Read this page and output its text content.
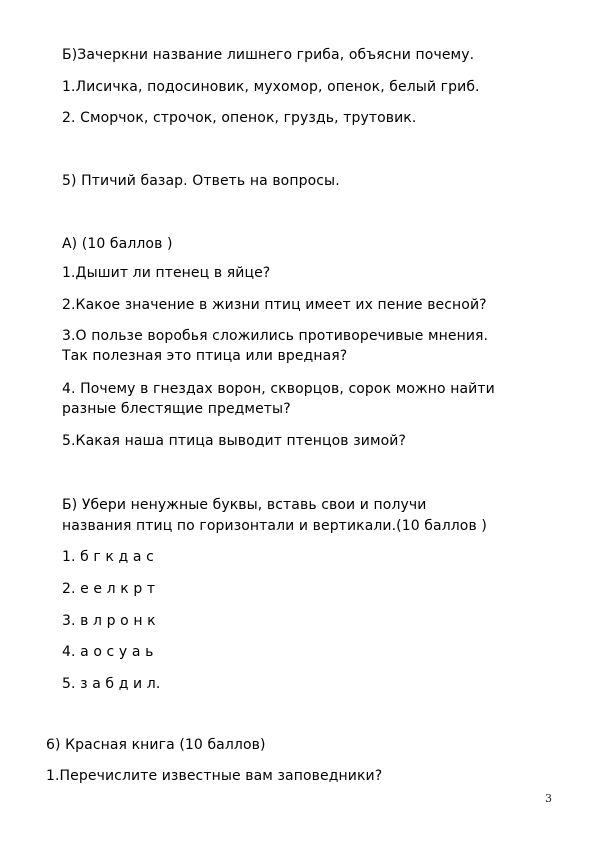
Б)Зачеркни название лишнего гриба, объясни почему.
1.Лисичка, подосиновик, мухомор, опенок, белый гриб.
2. Сморчок, строчок, опенок, груздь, трутовик.
5) Птичий базар. Ответь на вопросы.
А) (10 баллов )
1.Дышит ли птенец в яйце?
2.Какое значение в жизни птиц имеет их пение весной?
3.О пользе воробья сложились противоречивые мнения.
Так полезная это птица или вредная?
4. Почему в гнездах ворон, скворцов, сорок можно найти
разные блестящие предметы?
5.Какая наша птица выводит птенцов зимой?
Б) Убери ненужные буквы, вставь свои и получи
названия птиц по горизонтали и вертикали.(10 баллов )
1. б г к д а с
2. е е л к р т
3. в л р о н к
4. а о с у а ь
5. з а б д и л.
6) Красная книга (10 баллов)
1.Перечислите известные вам заповедники?
3
